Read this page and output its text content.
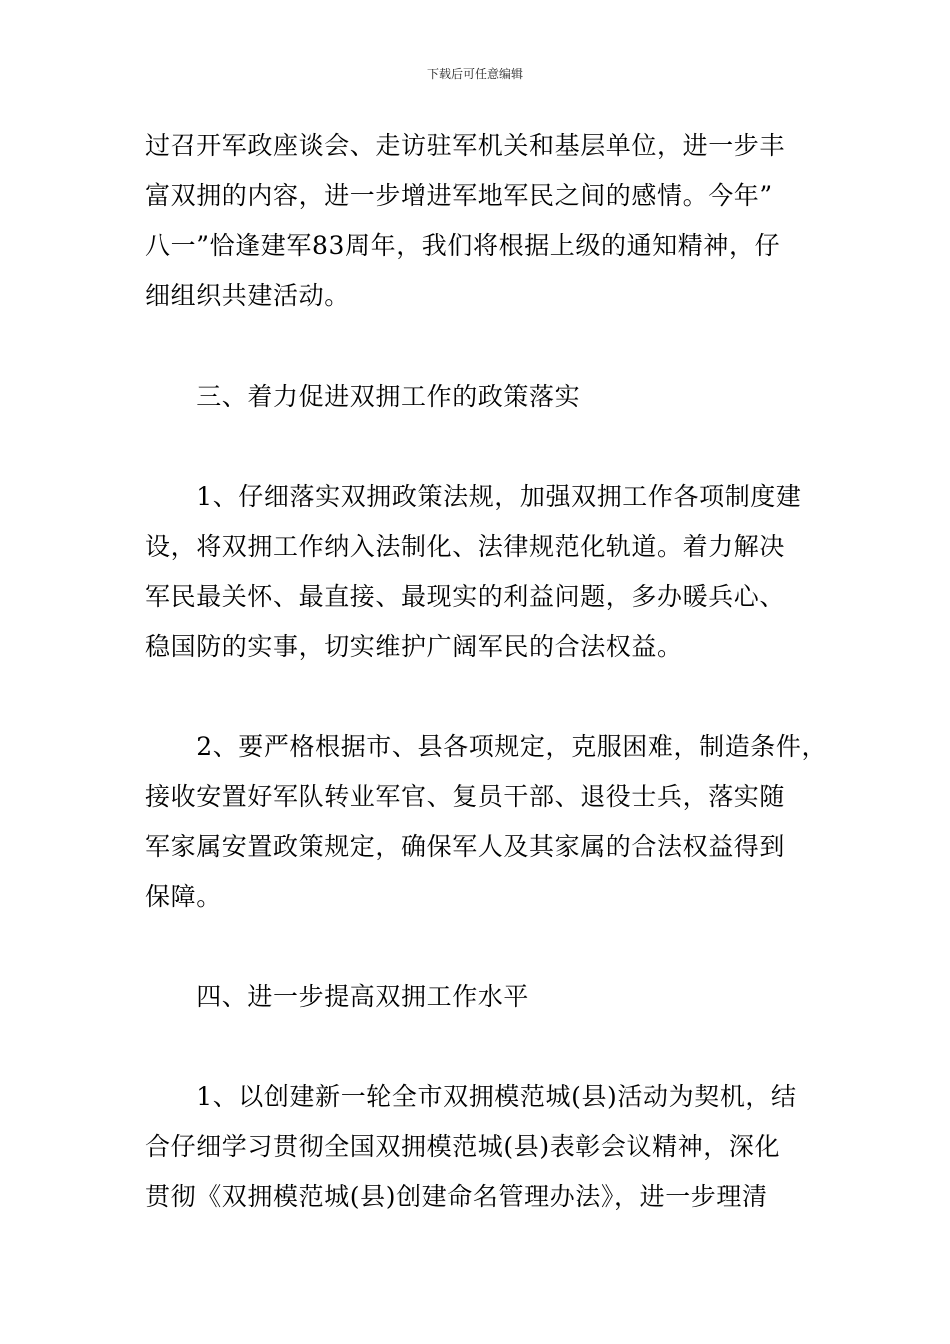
下载后可任意编辑
过召开军政座谈会、走访驻军机关和基层单位，进一步丰
富双拥的内容，进一步增进军地军民之间的感情。今年”
八一”恰逢建军83周年，我们将根据上级的通知精神，仔
细组织共建活动。
　　三、着力促进双拥工作的政策落实
　　1、仔细落实双拥政策法规，加强双拥工作各项制度建
设，将双拥工作纳入法制化、法律规范化轨道。着力解决
军民最关怀、最直接、最现实的利益问题，多办暖兵心、
稳国防的实事，切实维护广阔军民的合法权益。
　　2、要严格根据市、县各项规定，克服困难，制造条件，
接收安置好军队转业军官、复员干部、退役士兵，落实随
军家属安置政策规定，确保军人及其家属的合法权益得到
保障。
　　四、进一步提高双拥工作水平
　　1、以创建新一轮全市双拥模范城(县)活动为契机，结
合仔细学习贯彻全国双拥模范城(县)表彰会议精神，深化
贯彻《双拥模范城(县)创建命名管理办法》，进一步理清
